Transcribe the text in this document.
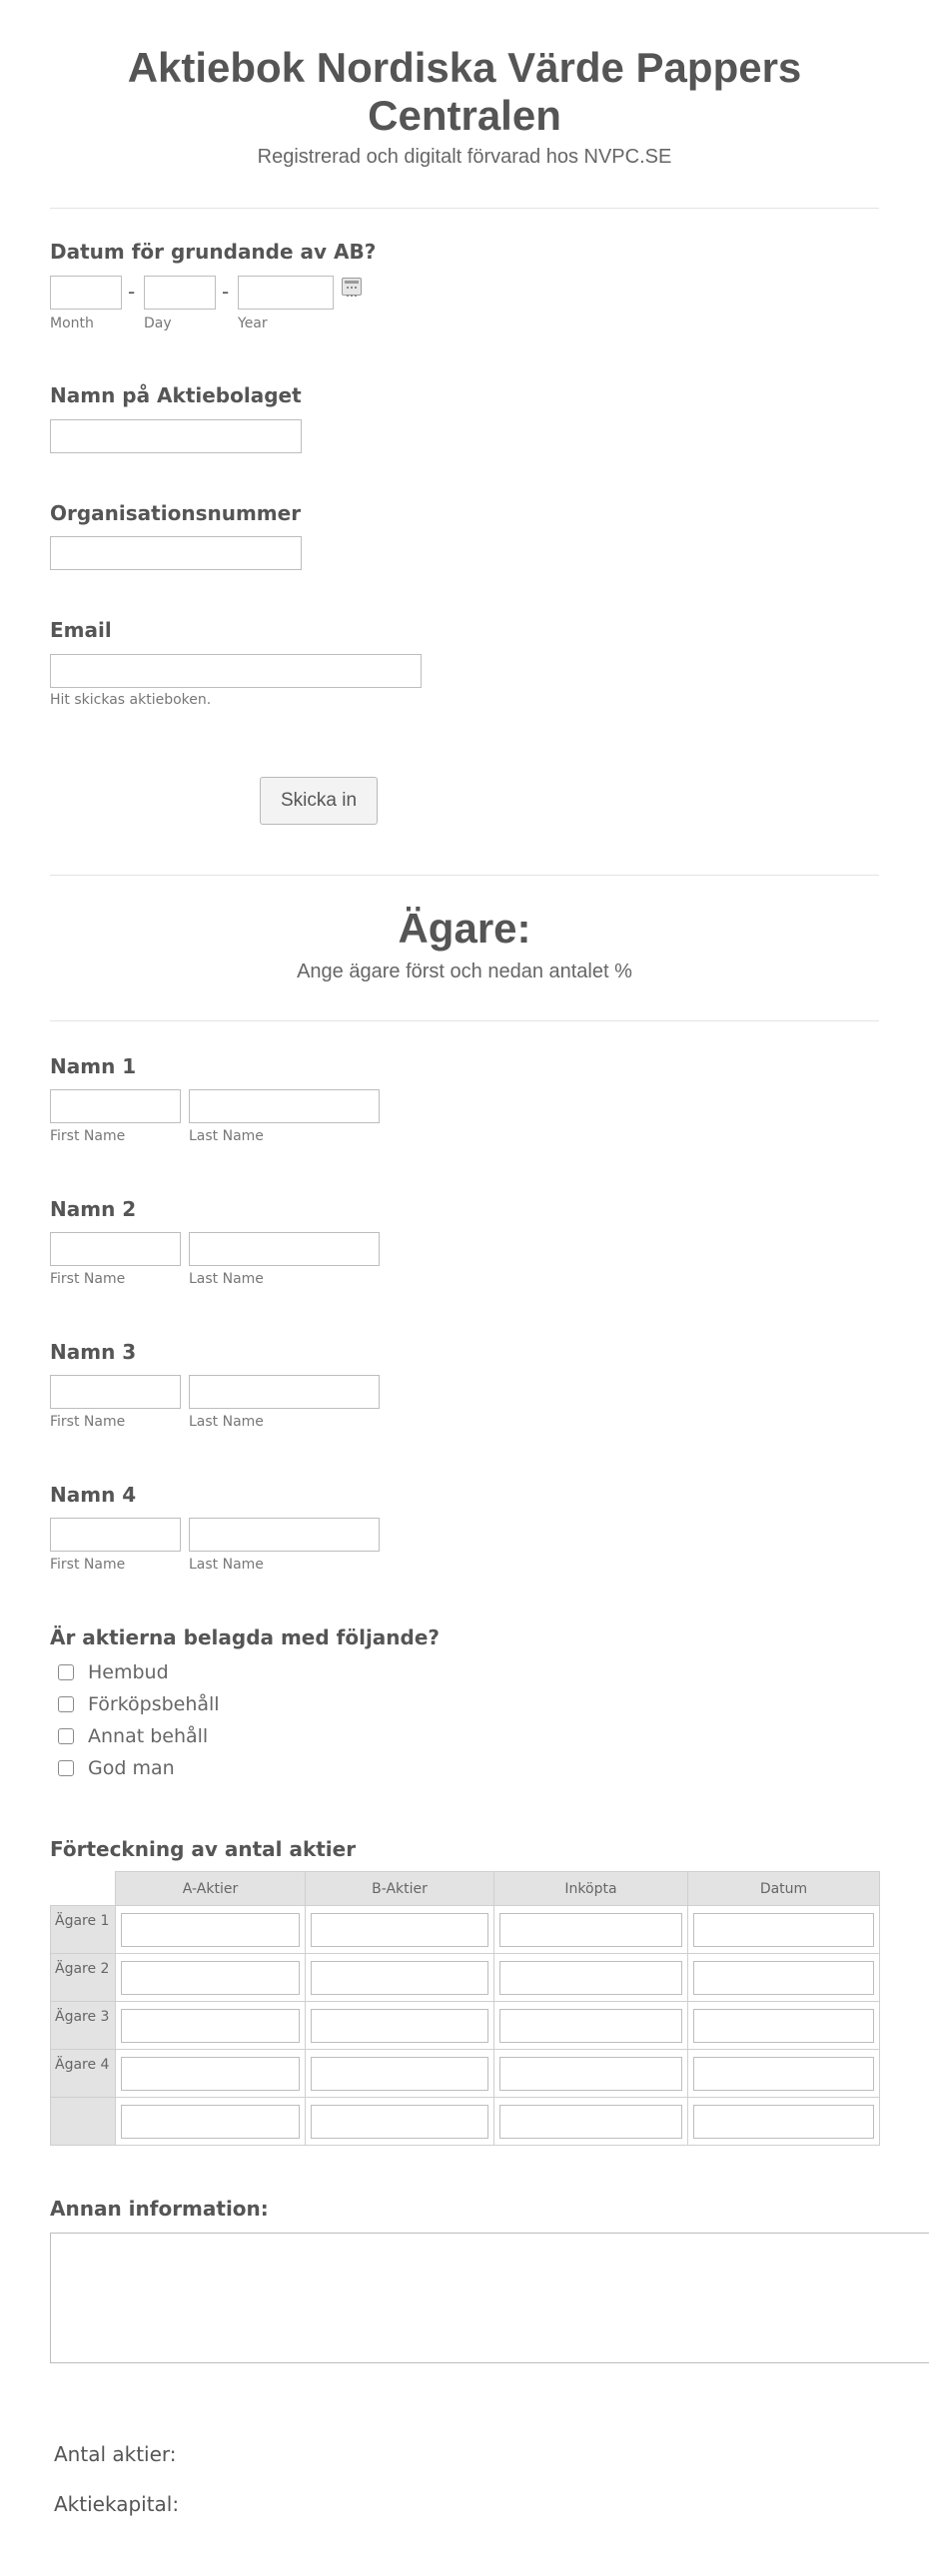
Aktiebok Nordiska Värde Pappers Centralen
Registrerad och digitalt förvarad hos NVPC.SE
Datum för grundande av AB?
-	-
Month	Day	Year
Namn på Aktiebolaget
Organisationsnummer
Email
Hit skickas aktieboken.
Skicka in
Ägare:
Ange ägare först och nedan antalet %
Namn 1
First Name	Last Name
Namn 2
First Name	Last Name
Namn 3
First Name	Last Name
Namn 4
First Name	Last Name
Är aktierna belagda med följande?
Hembud
Förköpsbehåll
Annat behåll
God man
Förteckning av antal aktier
	A-Aktier	B-Aktier	Inköpta	Datum
Ägare 1	

Ägare 2	

Ägare 3	

Ägare 4	

Annan information:
Antal aktier:
Aktiekapital:
